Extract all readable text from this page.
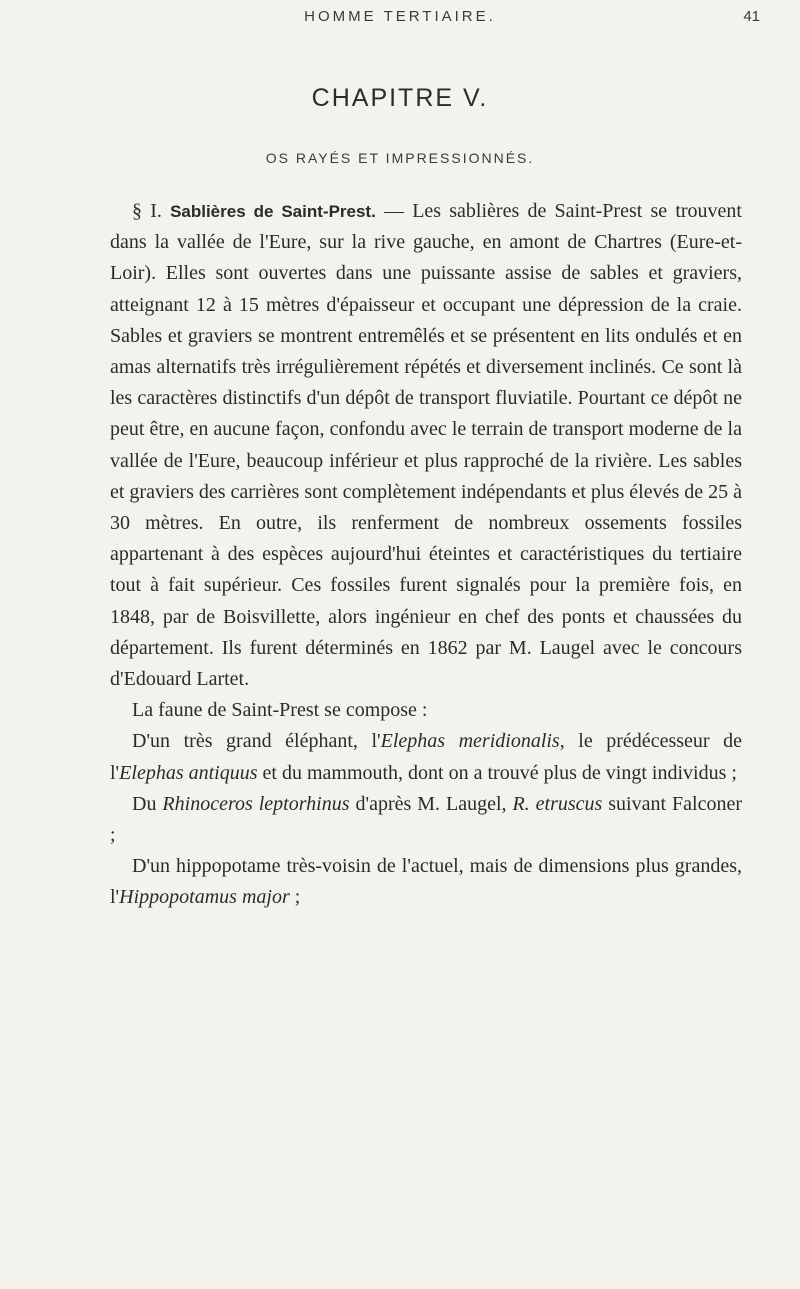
HOMME TERTIAIRE.	41
CHAPITRE V.
OS RAYÉS ET IMPRESSIONNÉS.

§ I. Sablières de Saint-Prest. — Les sablières de Saint-Prest se trouvent dans la vallée de l'Eure, sur la rive gauche, en amont de Chartres (Eure-et-Loir). Elles sont ouvertes dans une puissante assise de sables et graviers, atteignant 12 à 15 mètres d'épaisseur et occupant une dépression de la craie. Sables et graviers se montrent entremêlés et se présentent en lits ondulés et en amas alternatifs très irrégulièrement répétés et diversement inclinés. Ce sont là les caractères distinctifs d'un dépôt de transport fluviatile. Pourtant ce dépôt ne peut être, en aucune façon, confondu avec le terrain de transport moderne de la vallée de l'Eure, beaucoup inférieur et plus rapproché de la rivière. Les sables et graviers des carrières sont complètement indépendants et plus élevés de 25 à 30 mètres. En outre, ils renferment de nombreux ossements fossiles appartenant à des espèces aujourd'hui éteintes et caractéristiques du tertiaire tout à fait supérieur. Ces fossiles furent signalés pour la première fois, en 1848, par de Boisvillette, alors ingénieur en chef des ponts et chaussées du département. Ils furent déterminés en 1862 par M. Laugel avec le concours d'Edouard Lartet.

La faune de Saint-Prest se compose :

D'un très grand éléphant, l'Elephas meridionalis, le prédécesseur de l'Elephas antiquus et du mammouth, dont on a trouvé plus de vingt individus ;

Du Rhinoceros leptorhinus d'après M. Laugel, R. etruscus suivant Falconer ;

D'un hippopotame très-voisin de l'actuel, mais de dimensions plus grandes, l'Hippopotamus major ;
